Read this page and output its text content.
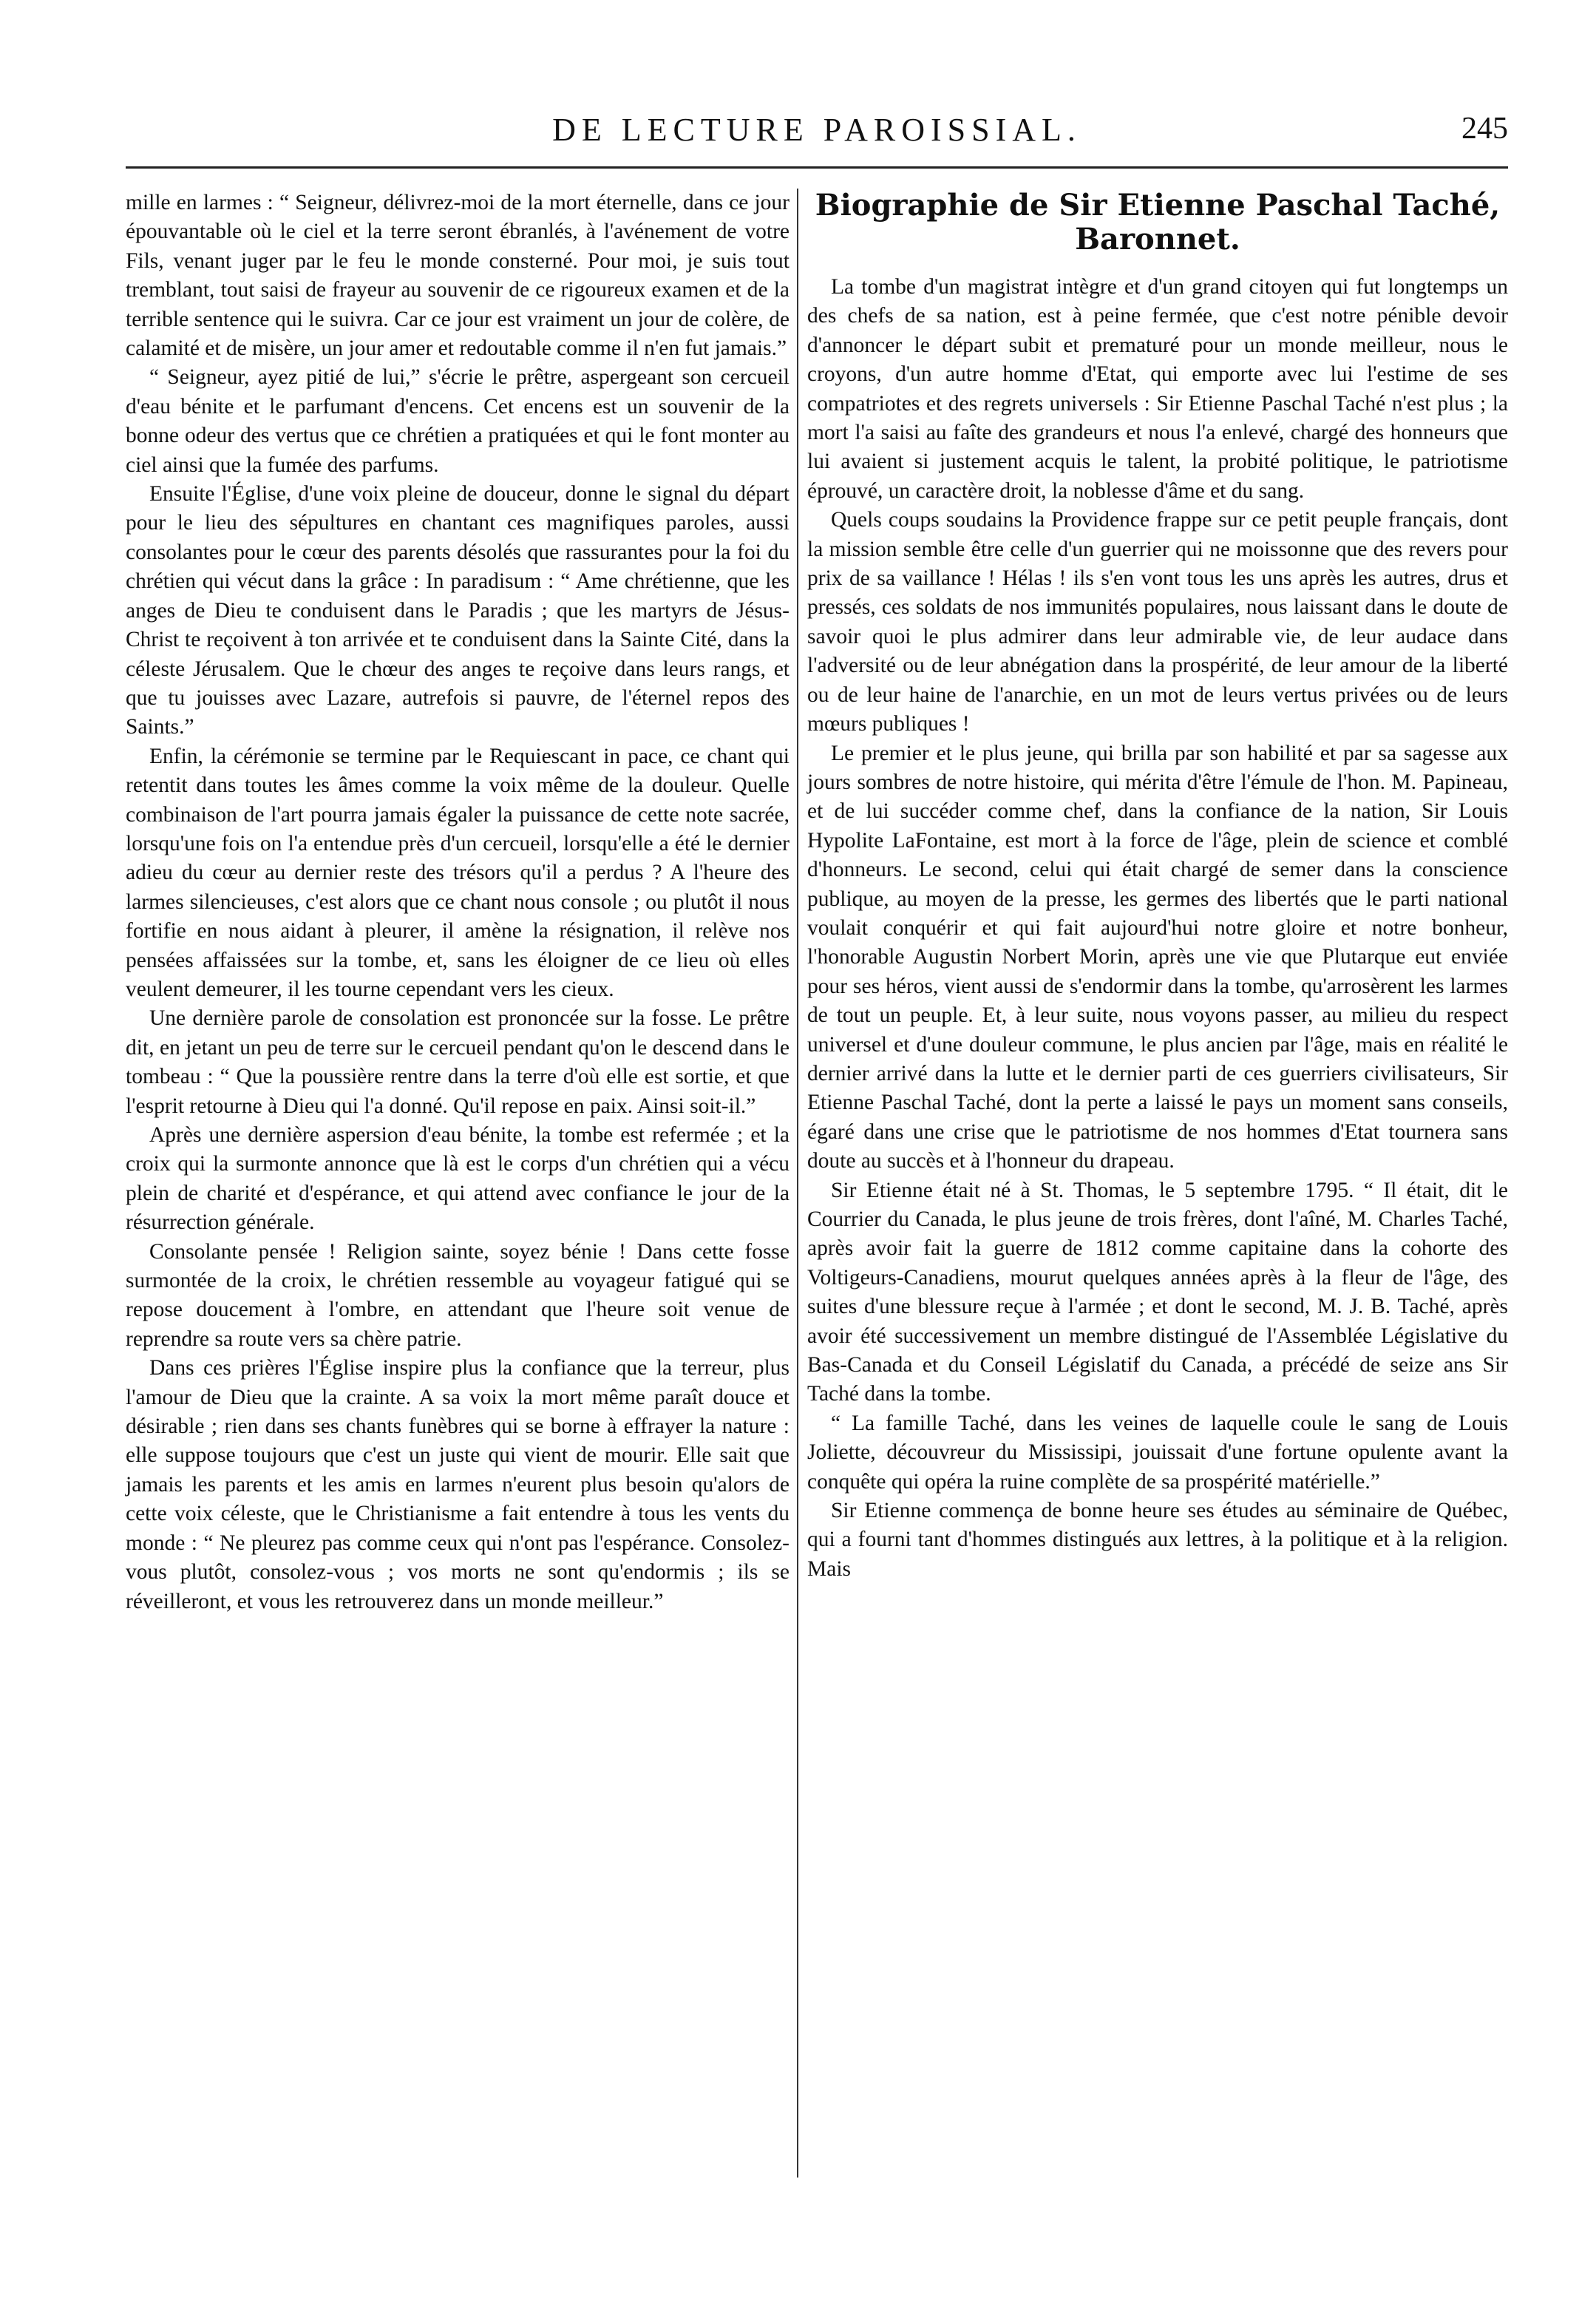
DE LECTURE PAROISSIAL.	245

mille en larmes : “ Seigneur, délivrez-moi de la mort éternelle, dans ce jour épouvantable où le ciel et la terre seront ébranlés, à l'avénement de votre Fils, venant juger par le feu le monde consterné. Pour moi, je suis tout tremblant, tout saisi de frayeur au souvenir de ce rigoureux examen et de la terrible sentence qui le suivra. Car ce jour est vraiment un jour de colère, de calamité et de misère, un jour amer et redoutable comme il n'en fut jamais.”

“ Seigneur, ayez pitié de lui,” s'écrie le prêtre, aspergeant son cercueil d'eau bénite et le parfumant d'encens. Cet encens est un souvenir de la bonne odeur des vertus que ce chrétien a pratiquées et qui le font monter au ciel ainsi que la fumée des parfums.

Ensuite l'Église, d'une voix pleine de douceur, donne le signal du départ pour le lieu des sépultures en chantant ces magnifiques paroles, aussi consolantes pour le cœur des parents désolés que rassurantes pour la foi du chrétien qui vécut dans la grâce : In paradisum : “ Ame chrétienne, que les anges de Dieu te conduisent dans le Paradis ; que les martyrs de Jésus-Christ te reçoivent à ton arrivée et te conduisent dans la Sainte Cité, dans la céleste Jérusalem. Que le chœur des anges te reçoive dans leurs rangs, et que tu jouisses avec Lazare, autrefois si pauvre, de l'éternel repos des Saints.”

Enfin, la cérémonie se termine par le Requiescant in pace, ce chant qui retentit dans toutes les âmes comme la voix même de la douleur. Quelle combinaison de l'art pourra jamais égaler la puissance de cette note sacrée, lorsqu'une fois on l'a entendue près d'un cercueil, lorsqu'elle a été le dernier adieu du cœur au dernier reste des trésors qu'il a perdus ? A l'heure des larmes silencieuses, c'est alors que ce chant nous console ; ou plutôt il nous fortifie en nous aidant à pleurer, il amène la résignation, il relève nos pensées affaissées sur la tombe, et, sans les éloigner de ce lieu où elles veulent demeurer, il les tourne cependant vers les cieux.

Une dernière parole de consolation est prononcée sur la fosse. Le prêtre dit, en jetant un peu de terre sur le cercueil pendant qu'on le descend dans le tombeau : “ Que la poussière rentre dans la terre d'où elle est sortie, et que l'esprit retourne à Dieu qui l'a donné. Qu'il repose en paix. Ainsi soit-il.”

Après une dernière aspersion d'eau bénite, la tombe est refermée ; et la croix qui la surmonte annonce que là est le corps d'un chrétien qui a vécu plein de charité et d'espérance, et qui attend avec confiance le jour de la résurrection générale.

Consolante pensée ! Religion sainte, soyez bénie ! Dans cette fosse surmontée de la croix, le chrétien ressemble au voyageur fatigué qui se repose doucement à l'ombre, en attendant que l'heure soit venue de reprendre sa route vers sa chère patrie.

Dans ces prières l'Église inspire plus la confiance que la terreur, plus l'amour de Dieu que la crainte. A sa voix la mort même paraît douce et désirable ; rien dans ses chants funèbres qui se borne à effrayer la nature : elle suppose toujours que c'est un juste qui vient de mourir. Elle sait que jamais les parents et les amis en larmes n'eurent plus besoin qu'alors de cette voix céleste, que le Christianisme a fait entendre à tous les vents du monde : “ Ne pleurez pas comme ceux qui n'ont pas l'espérance. Consolez-vous plutôt, consolez-vous ; vos morts ne sont qu'endormis ; ils se réveilleront, et vous les retrouverez dans un monde meilleur.”

Biographie de Sir Etienne Paschal Taché, Baronnet.

La tombe d'un magistrat intègre et d'un grand citoyen qui fut longtemps un des chefs de sa nation, est à peine fermée, que c'est notre pénible devoir d'annoncer le départ subit et prematuré pour un monde meilleur, nous le croyons, d'un autre homme d'Etat, qui emporte avec lui l'estime de ses compatriotes et des regrets universels : Sir Etienne Paschal Taché n'est plus ; la mort l'a saisi au faîte des grandeurs et nous l'a enlevé, chargé des honneurs que lui avaient si justement acquis le talent, la probité politique, le patriotisme éprouvé, un caractère droit, la noblesse d'âme et du sang.

Quels coups soudains la Providence frappe sur ce petit peuple français, dont la mission semble être celle d'un guerrier qui ne moissonne que des revers pour prix de sa vaillance ! Hélas ! ils s'en vont tous les uns après les autres, drus et pressés, ces soldats de nos immunités populaires, nous laissant dans le doute de savoir quoi le plus admirer dans leur admirable vie, de leur audace dans l'adversité ou de leur abnégation dans la prospérité, de leur amour de la liberté ou de leur haine de l'anarchie, en un mot de leurs vertus privées ou de leurs mœurs publiques !

Le premier et le plus jeune, qui brilla par son habilité et par sa sagesse aux jours sombres de notre histoire, qui mérita d'être l'émule de l'hon. M. Papineau, et de lui succéder comme chef, dans la confiance de la nation, Sir Louis Hypolite LaFontaine, est mort à la force de l'âge, plein de science et comblé d'honneurs. Le second, celui qui était chargé de semer dans la conscience publique, au moyen de la presse, les germes des libertés que le parti national voulait conquérir et qui fait aujourd'hui notre gloire et notre bonheur, l'honorable Augustin Norbert Morin, après une vie que Plutarque eut enviée pour ses héros, vient aussi de s'endormir dans la tombe, qu'arrosèrent les larmes de tout un peuple. Et, à leur suite, nous voyons passer, au milieu du respect universel et d'une douleur commune, le plus ancien par l'âge, mais en réalité le dernier arrivé dans la lutte et le dernier parti de ces guerriers civilisateurs, Sir Etienne Paschal Taché, dont la perte a laissé le pays un moment sans conseils, égaré dans une crise que le patriotisme de nos hommes d'Etat tournera sans doute au succès et à l'honneur du drapeau.

Sir Etienne était né à St. Thomas, le 5 septembre 1795. “ Il était, dit le Courrier du Canada, le plus jeune de trois frères, dont l'aîné, M. Charles Taché, après avoir fait la guerre de 1812 comme capitaine dans la cohorte des Voltigeurs-Canadiens, mourut quelques années après à la fleur de l'âge, des suites d'une blessure reçue à l'armée ; et dont le second, M. J. B. Taché, après avoir été successivement un membre distingué de l'Assemblée Législative du Bas-Canada et du Conseil Législatif du Canada, a précédé de seize ans Sir Taché dans la tombe.

“ La famille Taché, dans les veines de laquelle coule le sang de Louis Joliette, découvreur du Mississipi, jouissait d'une fortune opulente avant la conquête qui opéra la ruine complète de sa prospérité matérielle.”

Sir Etienne commença de bonne heure ses études au séminaire de Québec, qui a fourni tant d'hommes distingués aux lettres, à la politique et à la religion. Mais
